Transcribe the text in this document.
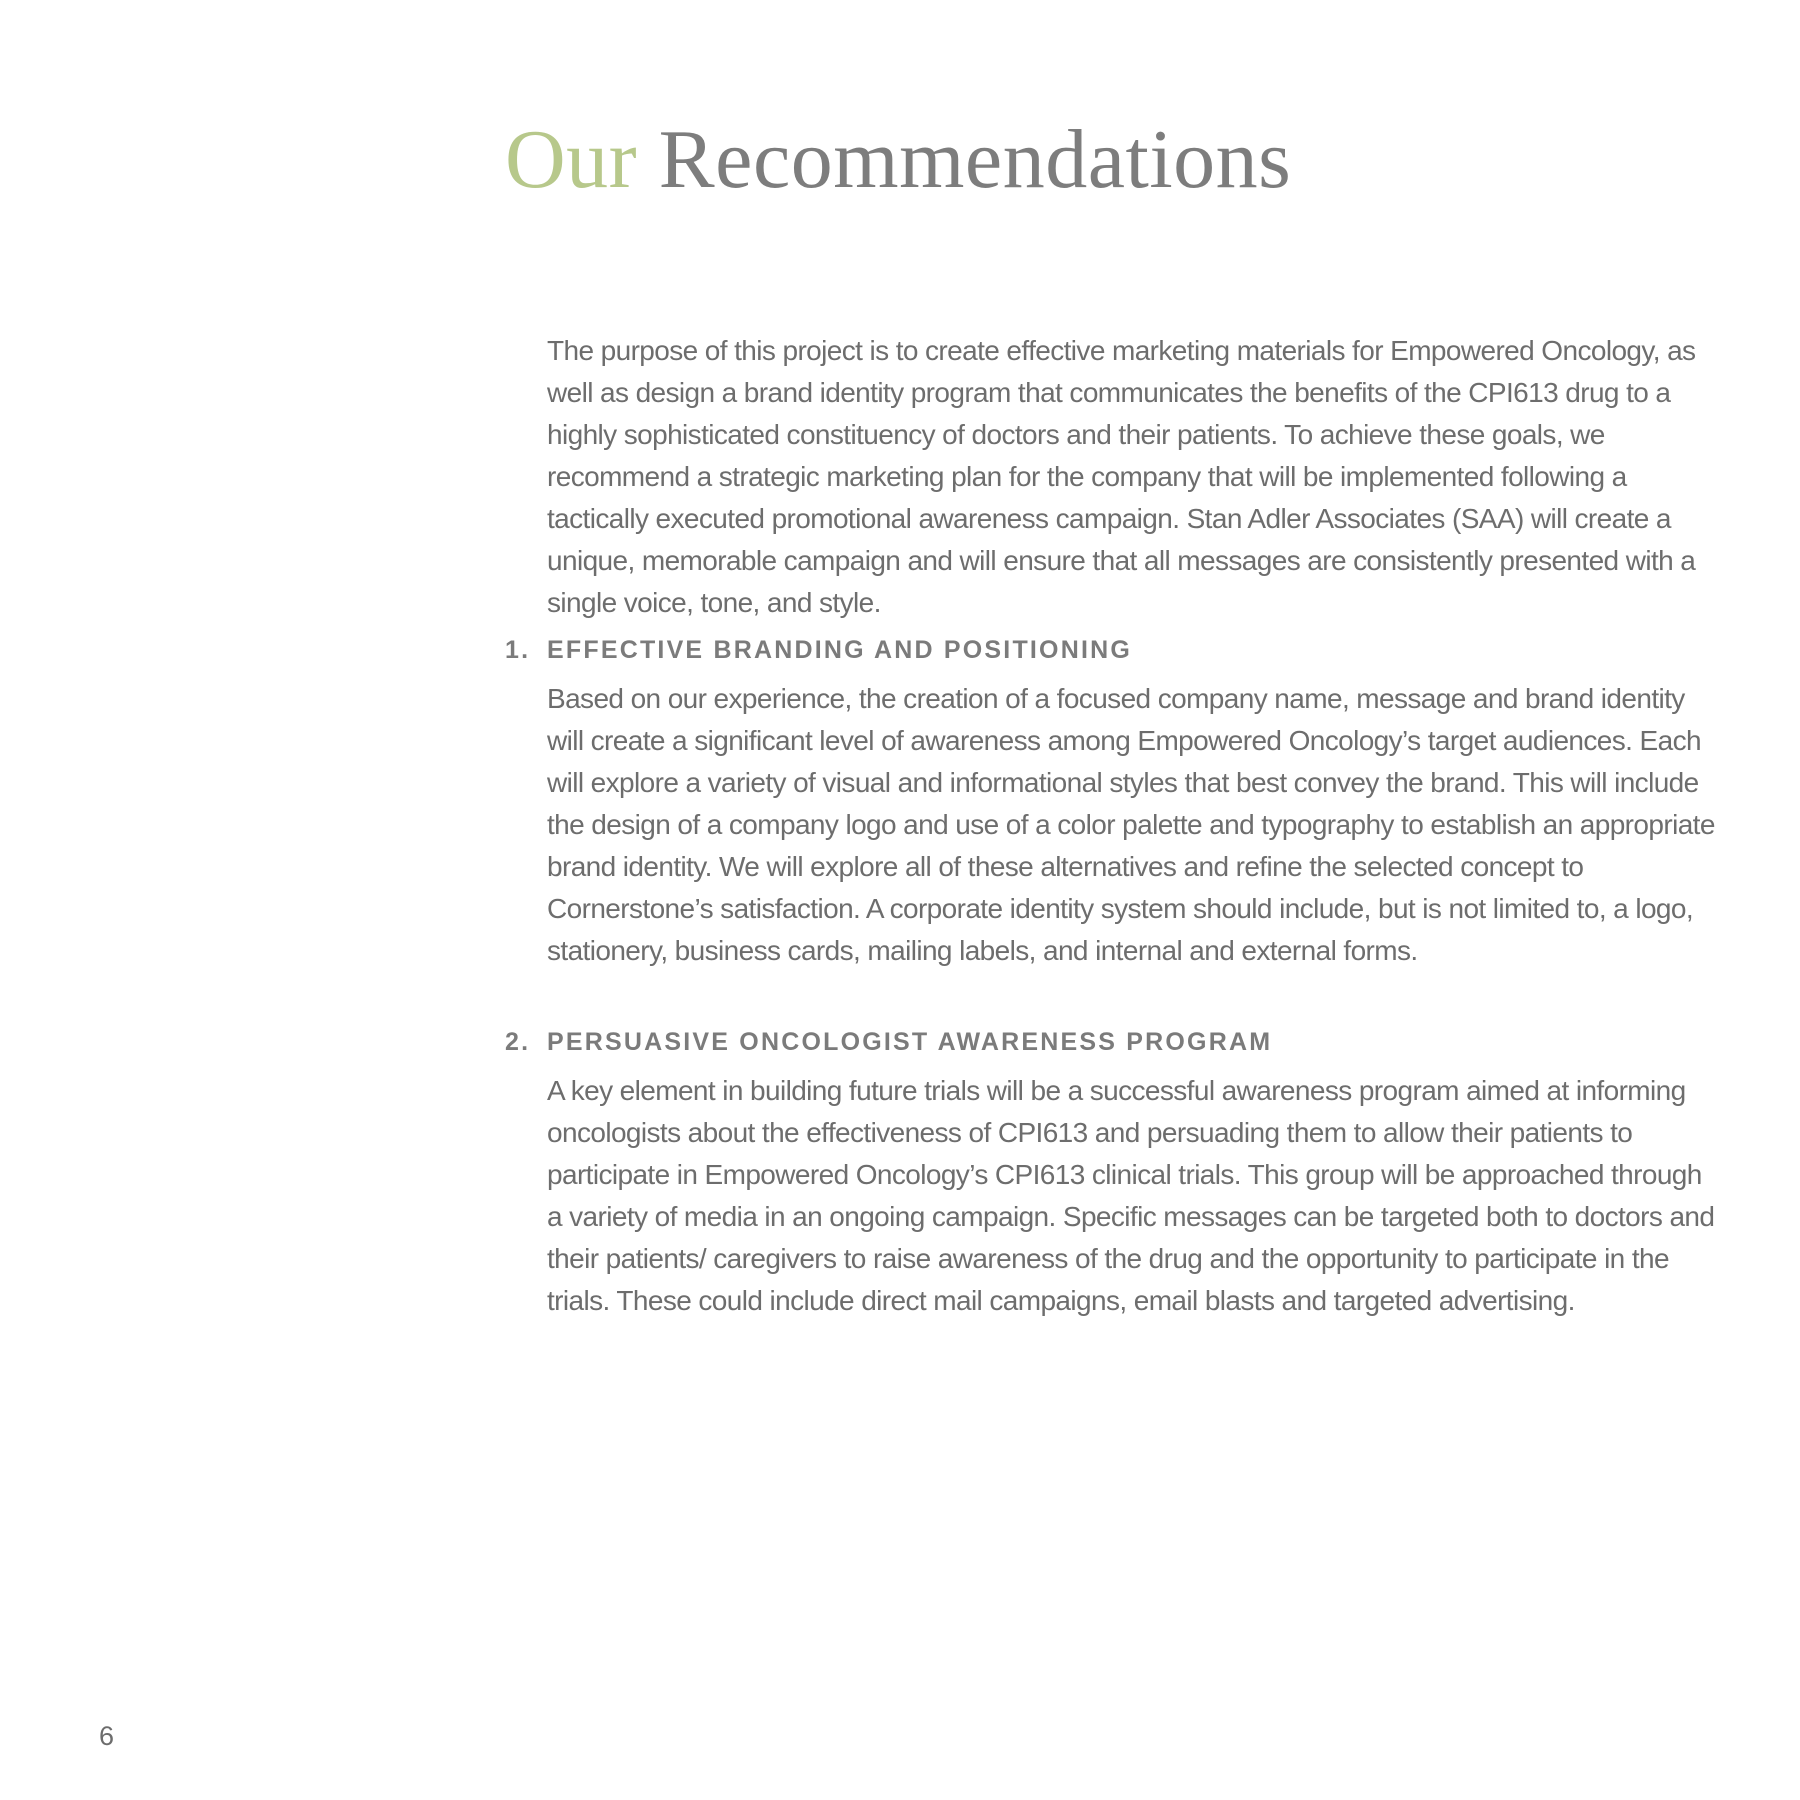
Our Recommendations

The purpose of this project is to create effective marketing materials for Empowered Oncology, as well as design a brand identity program that communicates the benefits of the CPI613 drug to a highly sophisticated constituency of doctors and their patients. To achieve these goals, we recommend a strategic marketing plan for the company that will be implemented following a tactically executed promotional awareness campaign. Stan Adler Associates (SAA) will create a unique, memorable campaign and will ensure that all messages are consistently presented with a single voice, tone, and style.

1. EFFECTIVE BRANDING AND POSITIONING

Based on our experience, the creation of a focused company name, message and brand identity will create a significant level of awareness among Empowered Oncology’s target audiences. Each will explore a variety of visual and informational styles that best convey the brand. This will include the design of a company logo and use of a color palette and typography to establish an appropriate brand identity. We will explore all of these alternatives and refine the selected concept to Cornerstone’s satisfaction. A corporate identity system should include, but is not limited to, a logo, stationery, business cards, mailing labels, and internal and external forms.

2. PERSUASIVE ONCOLOGIST AWARENESS PROGRAM

A key element in building future trials will be a successful awareness program aimed at informing oncologists about the effectiveness of CPI613 and persuading them to allow their patients to participate in Empowered Oncology’s CPI613 clinical trials. This group will be approached through a variety of media in an ongoing campaign. Specific messages can be targeted both to doctors and their patients/ caregivers to raise awareness of the drug and the opportunity to participate in the trials. These could include direct mail campaigns, email blasts and targeted advertising.

6
